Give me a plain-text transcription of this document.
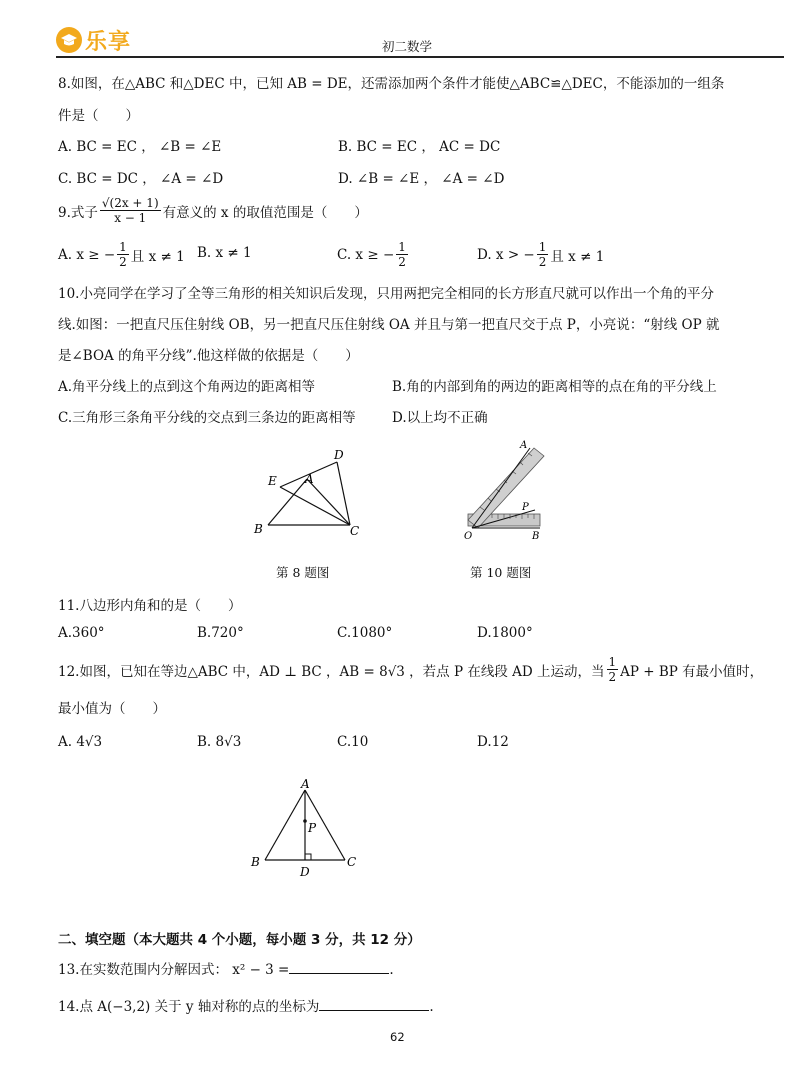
乐享	初二数学
8.如图，在△ABC 和△DEC 中，已知 AB = DE，还需添加两个条件才能使△ABC≌△DEC，不能添加的一组条
件是（　　）
A. BC = EC ， ∠B = ∠E	B. BC = EC ， AC = DC
C. BC = DC ， ∠A = ∠D	D. ∠B = ∠E ， ∠A = ∠D
9.式子 $\frac{√(2x + 1)}{x - 1}$ 有意义的 x 的取值范围是（　　）
A. x ≥ − $\frac{1}{2}$ 且 x ≠ 1 B. x ≠ 1	C. x ≥ − $\frac{1}{2}$	D. x > − $\frac{1}{2}$ 且 x ≠ 1
10.小亮同学在学习了全等三角形的相关知识后发现，只用两把完全相同的长方形直尺就可以作出一个角的平分
线.如图：一把直尺压住射线 OB，另一把直尺压住射线 OA 并且与第一把直尺交于点 P，小亮说：“射线 OP 就
是∠BOA 的角平分线”.他这样做的依据是（　　）
A.角平分线上的点到这个角两边的距离相等	B.角的内部到角的两边的距离相等的点在角的平分线上
C.三角形三条角平分线的交点到三条边的距离相等	D.以上均不正确
D
E A
B	C
第 8 题图
A
P
O	B
第 10 题图
11.八边形内角和的是（　　）
A.360°	B.720°	C.1080°	D.1800°
12.如图，已知在等边△ABC 中，AD ⊥ BC ，AB = 8√3 ，若点 P 在线段 AD 上运动，当 $\frac{1}{2}$ AP + BP 有最小值时，
最小值为（　　）
A. 4√3	B. 8√3	C.10	D.12
A
P
B
D
C
二、填空题（本大题共 4 个小题，每小题 3 分，共 12 分）
13.在实数范围内分解因式： x² − 3 =	.
14.点 A(−3,2) 关于 y 轴对称的点的坐标为	.
62
